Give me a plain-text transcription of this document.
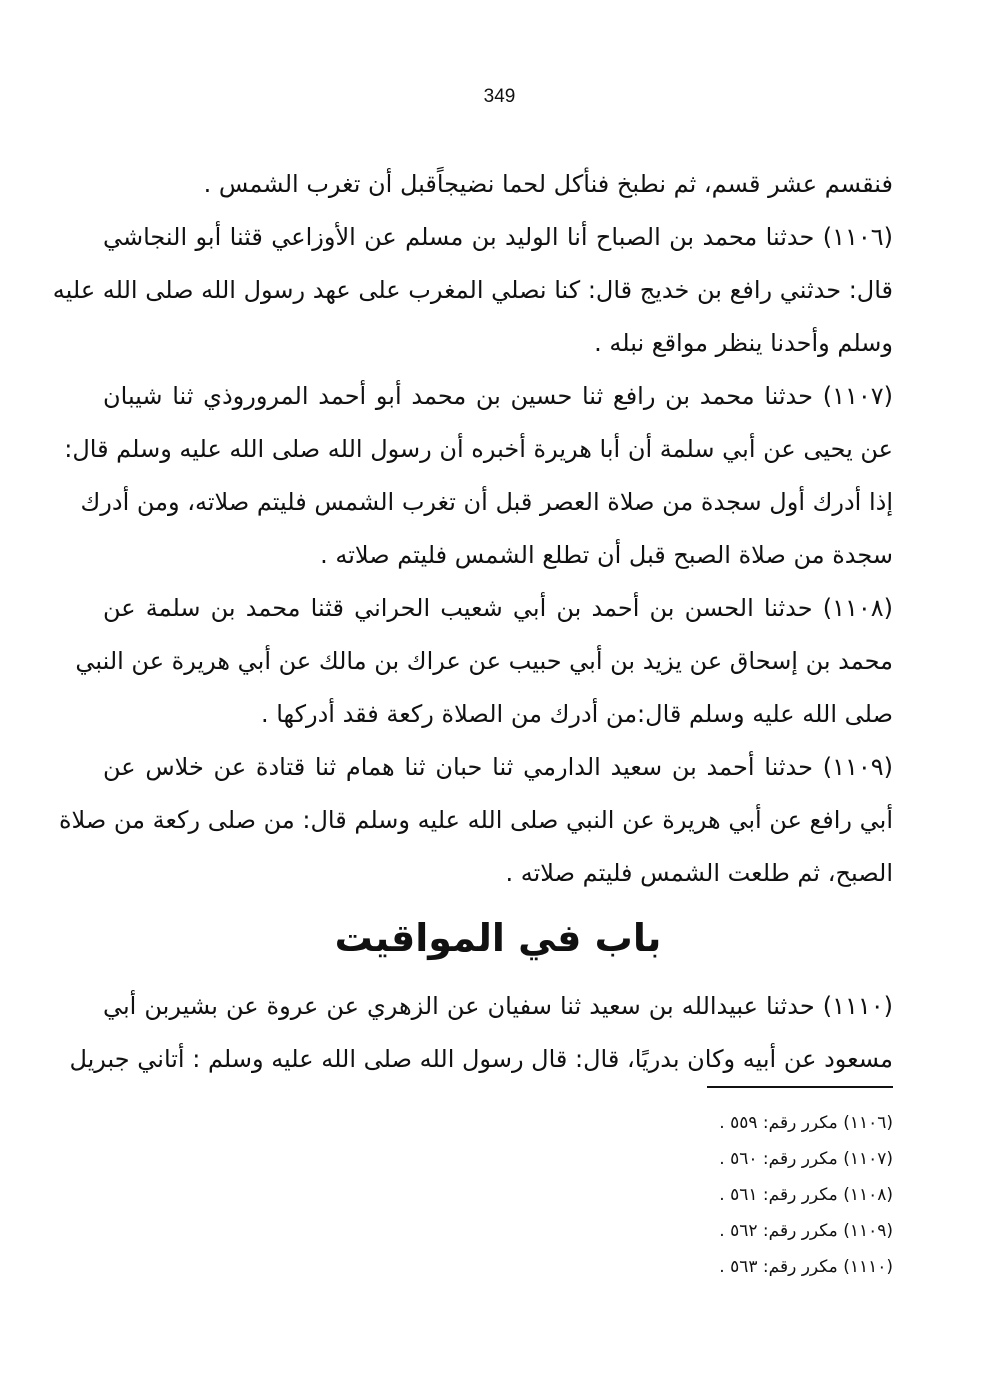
349
فنقسم عشر قسم، ثم نطبخ فنأكل لحما نضيجاًقبل أن تغرب الشمس .
(١١٠٦) حدثنا محمد بن الصباح أنا الوليد بن مسلم عن الأوزاعي قثنا أبو النجاشي
قال: حدثني رافع بن خديج قال: كنا نصلي المغرب على عهد رسول الله صلى الله عليه
وسلم وأحدنا ينظر مواقع نبله .
(١١٠٧) حدثنا محمد بن رافع ثنا حسين بن محمد أبو أحمد المروروذي ثنا شيبان
عن يحيى عن أبي سلمة أن أبا هريرة أخبره أن رسول الله صلى الله عليه وسلم قال:
إذا أدرك أول سجدة من صلاة العصر قبل أن تغرب الشمس فليتم صلاته، ومن أدرك
سجدة من صلاة الصبح قبل أن تطلع الشمس فليتم صلاته .
(١١٠٨) حدثنا الحسن بن أحمد بن أبي شعيب الحراني قثنا محمد بن سلمة عن
محمد بن إسحاق عن يزيد بن أبي حبيب عن عراك بن مالك عن أبي هريرة عن النبي
صلى الله عليه وسلم قال:من أدرك من الصلاة ركعة فقد أدركها .
(١١٠٩) حدثنا أحمد بن سعيد الدارمي ثنا حبان ثنا همام ثنا قتادة عن خلاس عن
أبي رافع عن أبي هريرة عن النبي صلى الله عليه وسلم قال: من صلى ركعة من صلاة
الصبح، ثم طلعت الشمس فليتم صلاته .
باب في المواقيت
(١١١٠) حدثنا عبيدالله بن سعيد ثنا سفيان عن الزهري عن عروة عن بشيربن أبي
مسعود عن أبيه وكان بدريًا، قال: قال رسول الله صلى الله عليه وسلم : أتاني جبريل
(١١٠٦) مكرر رقم: ٥٥٩ .
(١١٠٧) مكرر رقم: ٥٦٠ .
(١١٠٨) مكرر رقم: ٥٦١ .
(١١٠٩) مكرر رقم: ٥٦٢ .
(١١١٠) مكرر رقم: ٥٦٣ .
